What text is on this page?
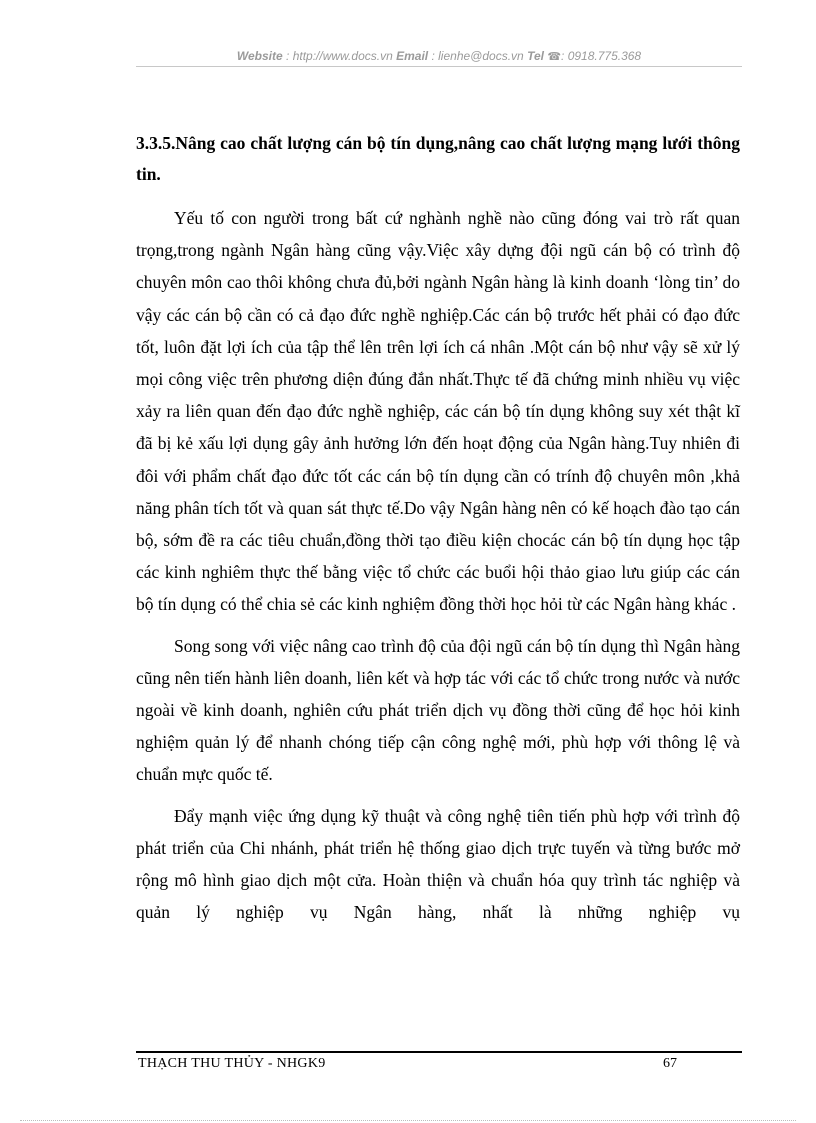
Website : http://www.docs.vn Email : lienhe@docs.vn Tel ☎: 0918.775.368

3.3.5.Nâng cao chất lượng cán bộ tín dụng,nâng cao chất lượng mạng lưới thông tin.

Yếu tố con người trong bất cứ nghành nghề nào cũng đóng vai trò rất quan trọng,trong ngành Ngân hàng cũng vậy.Việc xây dựng đội ngũ cán bộ có trình độ chuyên môn cao thôi không chưa đủ,bởi ngành Ngân hàng là kinh doanh ‘lòng tin’ do vậy các cán bộ cần có cả đạo đức nghề nghiệp.Các cán bộ trước hết phải có đạo đức tốt, luôn đặt lợi ích của tập thể lên trên lợi ích cá nhân .Một cán bộ như vậy sẽ xử lý mọi công việc trên phương diện đúng đắn nhất.Thực tế đã chứng minh nhiều vụ việc xảy ra liên quan đến đạo đức nghề nghiệp, các cán bộ tín dụng không suy xét thật kĩ đã bị kẻ xấu lợi dụng gây ảnh hưởng lớn đến hoạt động của Ngân hàng.Tuy nhiên đi đôi với phẩm chất đạo đức tốt các cán bộ tín dụng cần có trính độ chuyên môn ,khả năng phân tích tốt và quan sát thực tế.Do vậy Ngân hàng nên có kế hoạch đào tạo cán bộ, sớm đề ra các tiêu chuẩn,đồng thời tạo điều kiện chocác cán bộ tín dụng học tập các kinh nghiêm thực thế bằng việc tổ chức các buổi hội thảo giao lưu giúp các cán bộ tín dụng có thể chia sẻ các kinh nghiệm đồng thời học hỏi từ các Ngân hàng khác .

Song song với việc nâng cao trình độ của đội ngũ cán bộ tín dụng thì Ngân hàng cũng nên tiến hành liên doanh, liên kết và hợp tác với các tổ chức trong nước và nước ngoài về kinh doanh, nghiên cứu phát triển dịch vụ đồng thời cũng để học hỏi kinh nghiệm quản lý để nhanh chóng tiếp cận công nghệ mới, phù hợp với thông lệ và chuẩn mực quốc tế.

Đẩy mạnh việc ứng dụng kỹ thuật và công nghệ tiên tiến phù hợp với trình độ phát triển của Chi nhánh, phát triển hệ thống giao dịch trực tuyến và từng bước mở rộng mô hình giao dịch một cửa. Hoàn thiện và chuẩn hóa quy trình tác nghiệp và quản lý nghiệp vụ Ngân hàng, nhất là những nghiệp vụ

THẠCH THU THỦY - NHGK9	67
